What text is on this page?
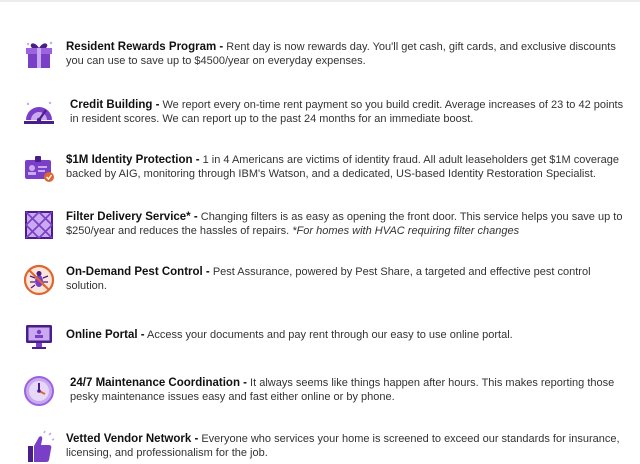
Resident Rewards Program - Rent day is now rewards day. You'll get cash, gift cards, and exclusive discounts you can use to save up to $4500/year on everyday expenses.
Credit Building - We report every on-time rent payment so you build credit. Average increases of 23 to 42 points in resident scores. We can report up to the past 24 months for an immediate boost.
$1M Identity Protection - 1 in 4 Americans are victims of identity fraud. All adult leaseholders get $1M coverage backed by AIG, monitoring through IBM's Watson, and a dedicated, US-based Identity Restoration Specialist.
Filter Delivery Service* - Changing filters is as easy as opening the front door. This service helps you save up to $250/year and reduces the hassles of repairs. *For homes with HVAC requiring filter changes
On-Demand Pest Control - Pest Assurance, powered by Pest Share, a targeted and effective pest control solution.
Online Portal - Access your documents and pay rent through our easy to use online portal.
24/7 Maintenance Coordination - It always seems like things happen after hours. This makes reporting those pesky maintenance issues easy and fast either online or by phone.
Vetted Vendor Network - Everyone who services your home is screened to exceed our standards for insurance, licensing, and professionalism for the job.
